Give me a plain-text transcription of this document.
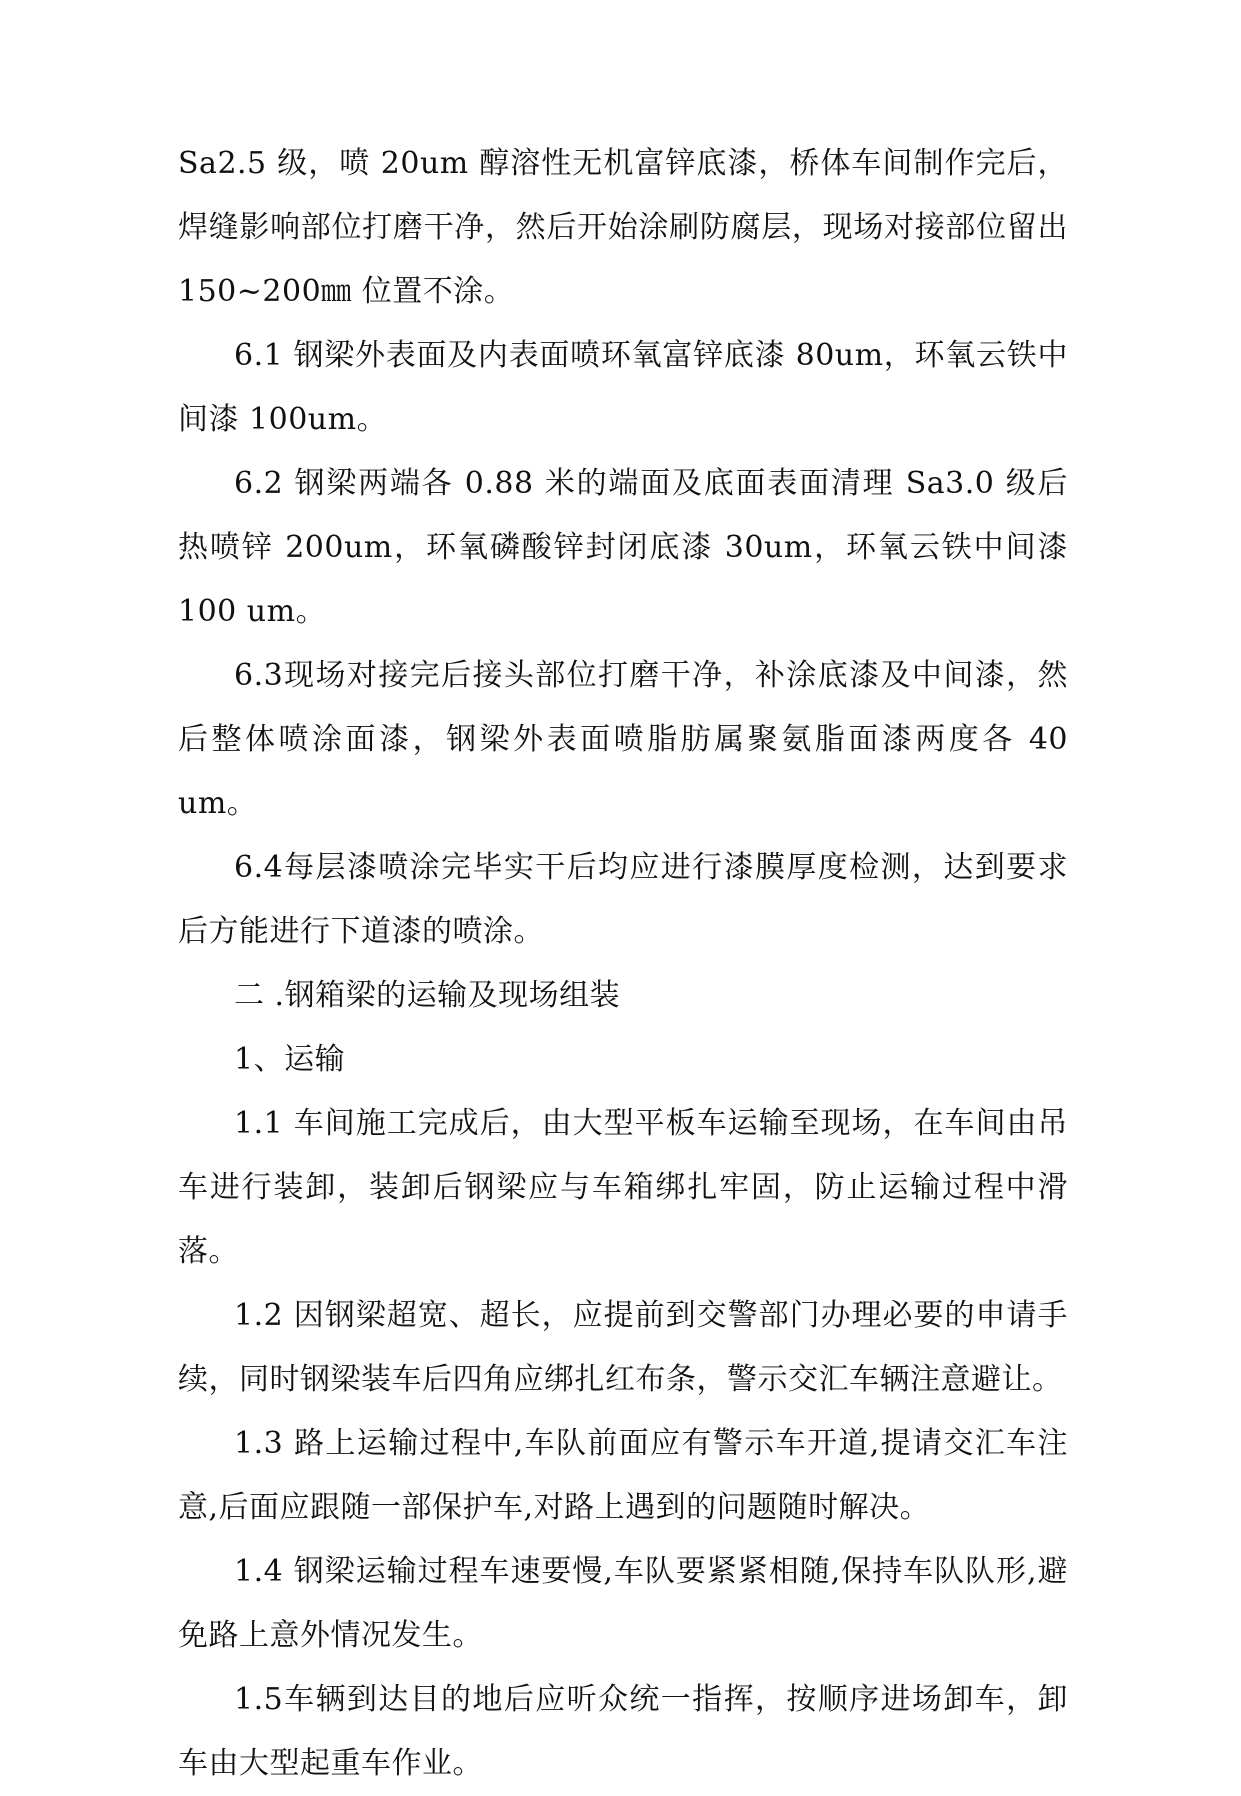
Sa2.5 级，喷 20um 醇溶性无机富锌底漆，桥体车间制作完后，焊缝影响部位打磨干净，然后开始涂刷防腐层，现场对接部位留出 150~200㎜ 位置不涂。

6.1 钢梁外表面及内表面喷环氧富锌底漆 80um，环氧云铁中间漆 100um。

6.2 钢梁两端各 0.88 米的端面及底面表面清理 Sa3.0 级后热喷锌 200um，环氧磷酸锌封闭底漆 30um，环氧云铁中间漆 100 um。

6.3现场对接完后接头部位打磨干净，补涂底漆及中间漆，然后整体喷涂面漆，钢梁外表面喷脂肪属聚氨脂面漆两度各 40 um。

6.4每层漆喷涂完毕实干后均应进行漆膜厚度检测，达到要求后方能进行下道漆的喷涂。

二 .钢箱梁的运输及现场组装

1、运输

1.1 车间施工完成后，由大型平板车运输至现场，在车间由吊车进行装卸，装卸后钢梁应与车箱绑扎牢固，防止运输过程中滑落。

1.2 因钢梁超宽、超长，应提前到交警部门办理必要的申请手续，同时钢梁装车后四角应绑扎红布条，警示交汇车辆注意避让。

1.3 路上运输过程中,车队前面应有警示车开道,提请交汇车注意,后面应跟随一部保护车,对路上遇到的问题随时解决。

1.4 钢梁运输过程车速要慢,车队要紧紧相随,保持车队队形,避免路上意外情况发生。

1.5车辆到达目的地后应听众统一指挥，按顺序进场卸车，卸车由大型起重车作业。
